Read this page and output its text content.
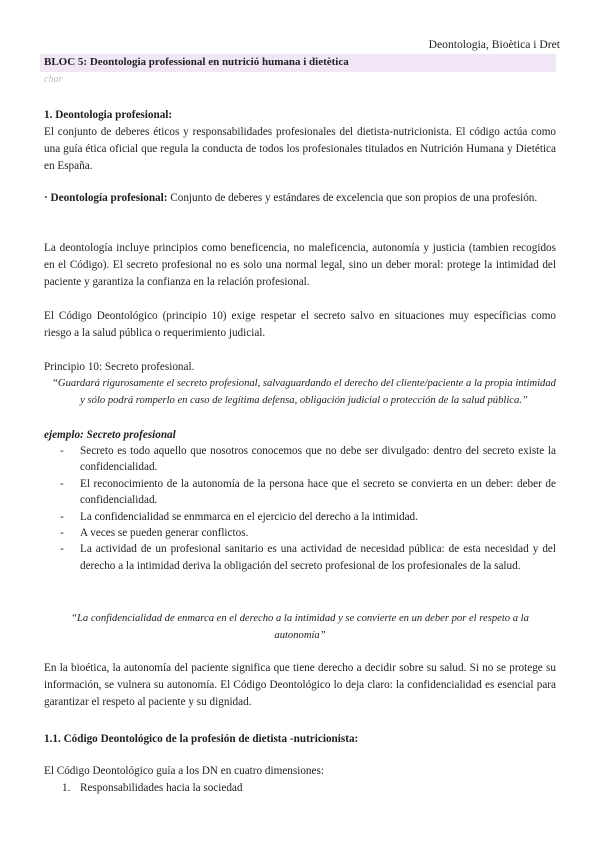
Deontologia, Bioètica i Dret
BLOC 5: Deontologia professional en nutrició humana i dietètica
char
1. Deontologia profesional:
El conjunto de deberes éticos y responsabilidades profesionales del dietista-nutricionista. El código actúa como una guía ética oficial que regula la conducta de todos los profesionales titulados en Nutrición Humana y Dietética en España.
· Deontología profesional: Conjunto de deberes y estándares de excelencia que son propios de una profesión.
La deontología incluye principios como beneficencia, no maleficencia, autonomía y justicia (tambien recogidos en el Código). El secreto profesional no es solo una normal legal, sino un deber moral: protege la intimidad del paciente y garantiza la confianza en la relación profesional.
El Código Deontológico (principio 10) exige respetar el secreto salvo en situaciones muy específicias como riesgo a la salud pública o requerimiento judicial.
Principio 10: Secreto profesional.
“Guardará rigurosamente el secreto profesional, salvaguardando el derecho del cliente/paciente a la propia intimidad y sólo podrá romperlo en caso de legítima defensa, obligación judicial o protección de la salud pública.”
ejemplo: Secreto profesional
- Secreto es todo aquello que nosotros conocemos que no debe ser divulgado: dentro del secreto existe la confidencialidad.
- El reconocimiento de la autonomía de la persona hace que el secreto se convierta en un deber: deber de confidencialidad.
- La confidencialidad se enmmarca en el ejercicio del derecho a la intimidad.
- A veces se pueden generar conflictos.
- La actividad de un profesional sanitario es una actividad de necesidad pública: de esta necesidad y del derecho a la intimidad deriva la obligación del secreto profesional de los profesionales de la salud.
“La confidencialidad de enmarca en el derecho a la intimidad y se convierte en un deber por el respeto a la autonomía”
En la bioética, la autonomía del paciente significa que tiene derecho a decidir sobre su salud. Si no se protege su información, se vulnera su autonomía. El Código Deontológico lo deja claro: la confidencialidad es esencial para garantizar el respeto al paciente y su dignidad.
1.1. Código Deontológico de la profesión de dietista -nutricionista:
El Código Deontológico guía a los DN en cuatro dimensiones:
1. Responsabilidades hacia la sociedad
